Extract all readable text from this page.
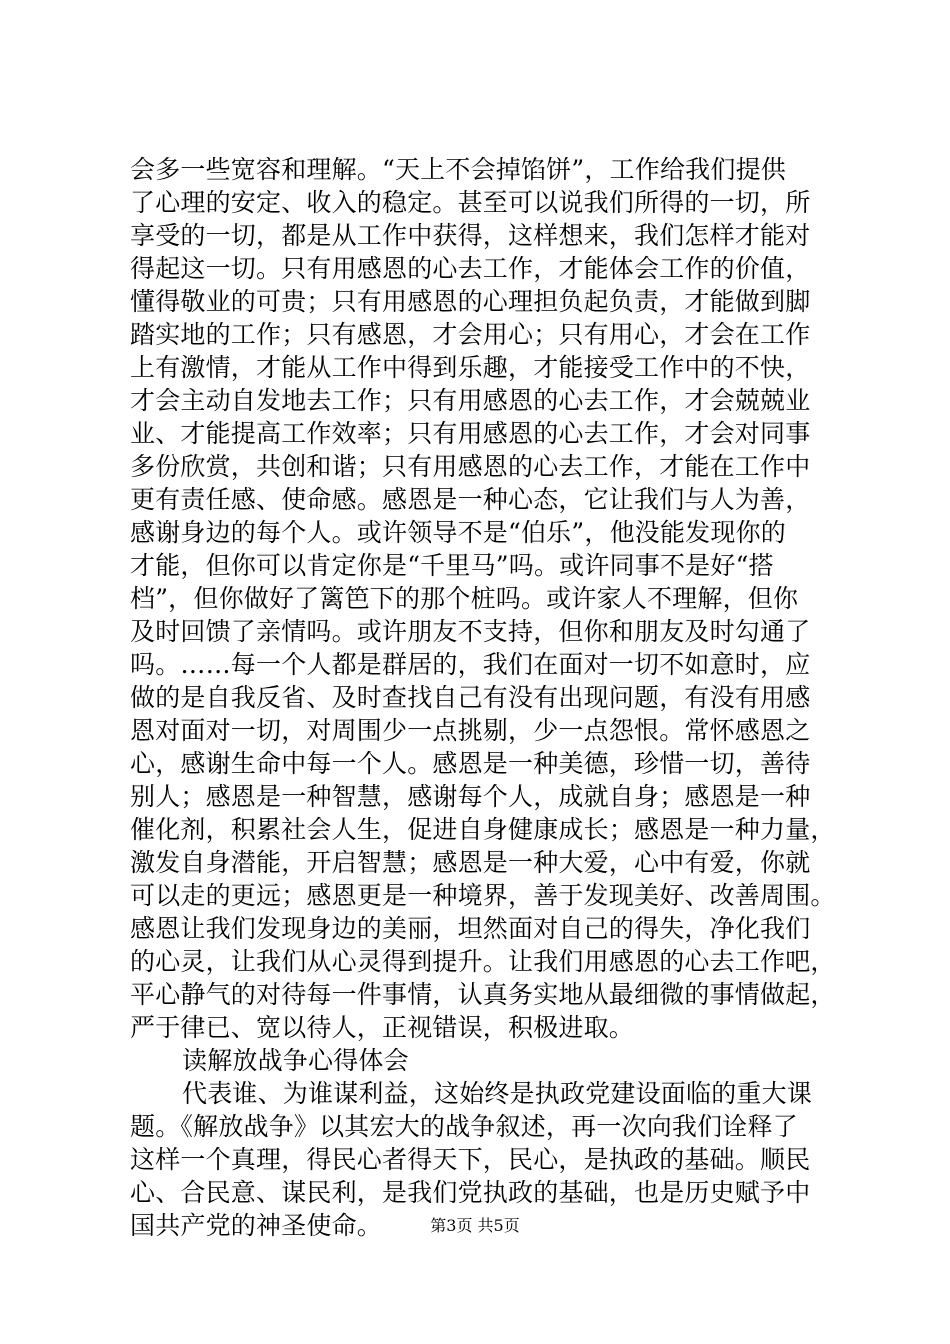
会多一些宽容和理解。“天上不会掉馅饼”，工作给我们提供
了心理的安定、收入的稳定。甚至可以说我们所得的一切，所
享受的一切，都是从工作中获得，这样想来，我们怎样才能对
得起这一切。只有用感恩的心去工作，才能体会工作的价值，
懂得敬业的可贵；只有用感恩的心理担负起负责，才能做到脚
踏实地的工作；只有感恩，才会用心；只有用心，才会在工作
上有激情，才能从工作中得到乐趣，才能接受工作中的不快，
才会主动自发地去工作；只有用感恩的心去工作，才会兢兢业
业、才能提高工作效率；只有用感恩的心去工作，才会对同事
多份欣赏，共创和谐；只有用感恩的心去工作，才能在工作中
更有责任感、使命感。感恩是一种心态，它让我们与人为善，
感谢身边的每个人。或许领导不是“伯乐”，他没能发现你的
才能，但你可以肯定你是“千里马”吗。或许同事不是好“搭
档”，但你做好了篱笆下的那个桩吗。或许家人不理解，但你
及时回馈了亲情吗。或许朋友不支持，但你和朋友及时勾通了
吗。……每一个人都是群居的，我们在面对一切不如意时，应
做的是自我反省、及时查找自己有没有出现问题，有没有用感
恩对面对一切，对周围少一点挑剔，少一点怨恨。常怀感恩之
心，感谢生命中每一个人。感恩是一种美德，珍惜一切，善待
别人；感恩是一种智慧，感谢每个人，成就自身；感恩是一种
催化剂，积累社会人生，促进自身健康成长；感恩是一种力量，
激发自身潜能，开启智慧；感恩是一种大爱，心中有爱，你就
可以走的更远；感恩更是一种境界，善于发现美好、改善周围。
感恩让我们发现身边的美丽，坦然面对自己的得失，净化我们
的心灵，让我们从心灵得到提升。让我们用感恩的心去工作吧，
平心静气的对待每一件事情，认真务实地从最细微的事情做起，
严于律已、宽以待人，正视错误，积极进取。
读解放战争心得体会
代表谁、为谁谋利益，这始终是执政党建设面临的重大课
题。《解放战争》以其宏大的战争叙述，再一次向我们诠释了
这样一个真理，得民心者得天下，民心，是执政的基础。顺民
心、合民意、谋民利，是我们党执政的基础，也是历史赋予中
国共产党的神圣使命。	第3页 共5页
